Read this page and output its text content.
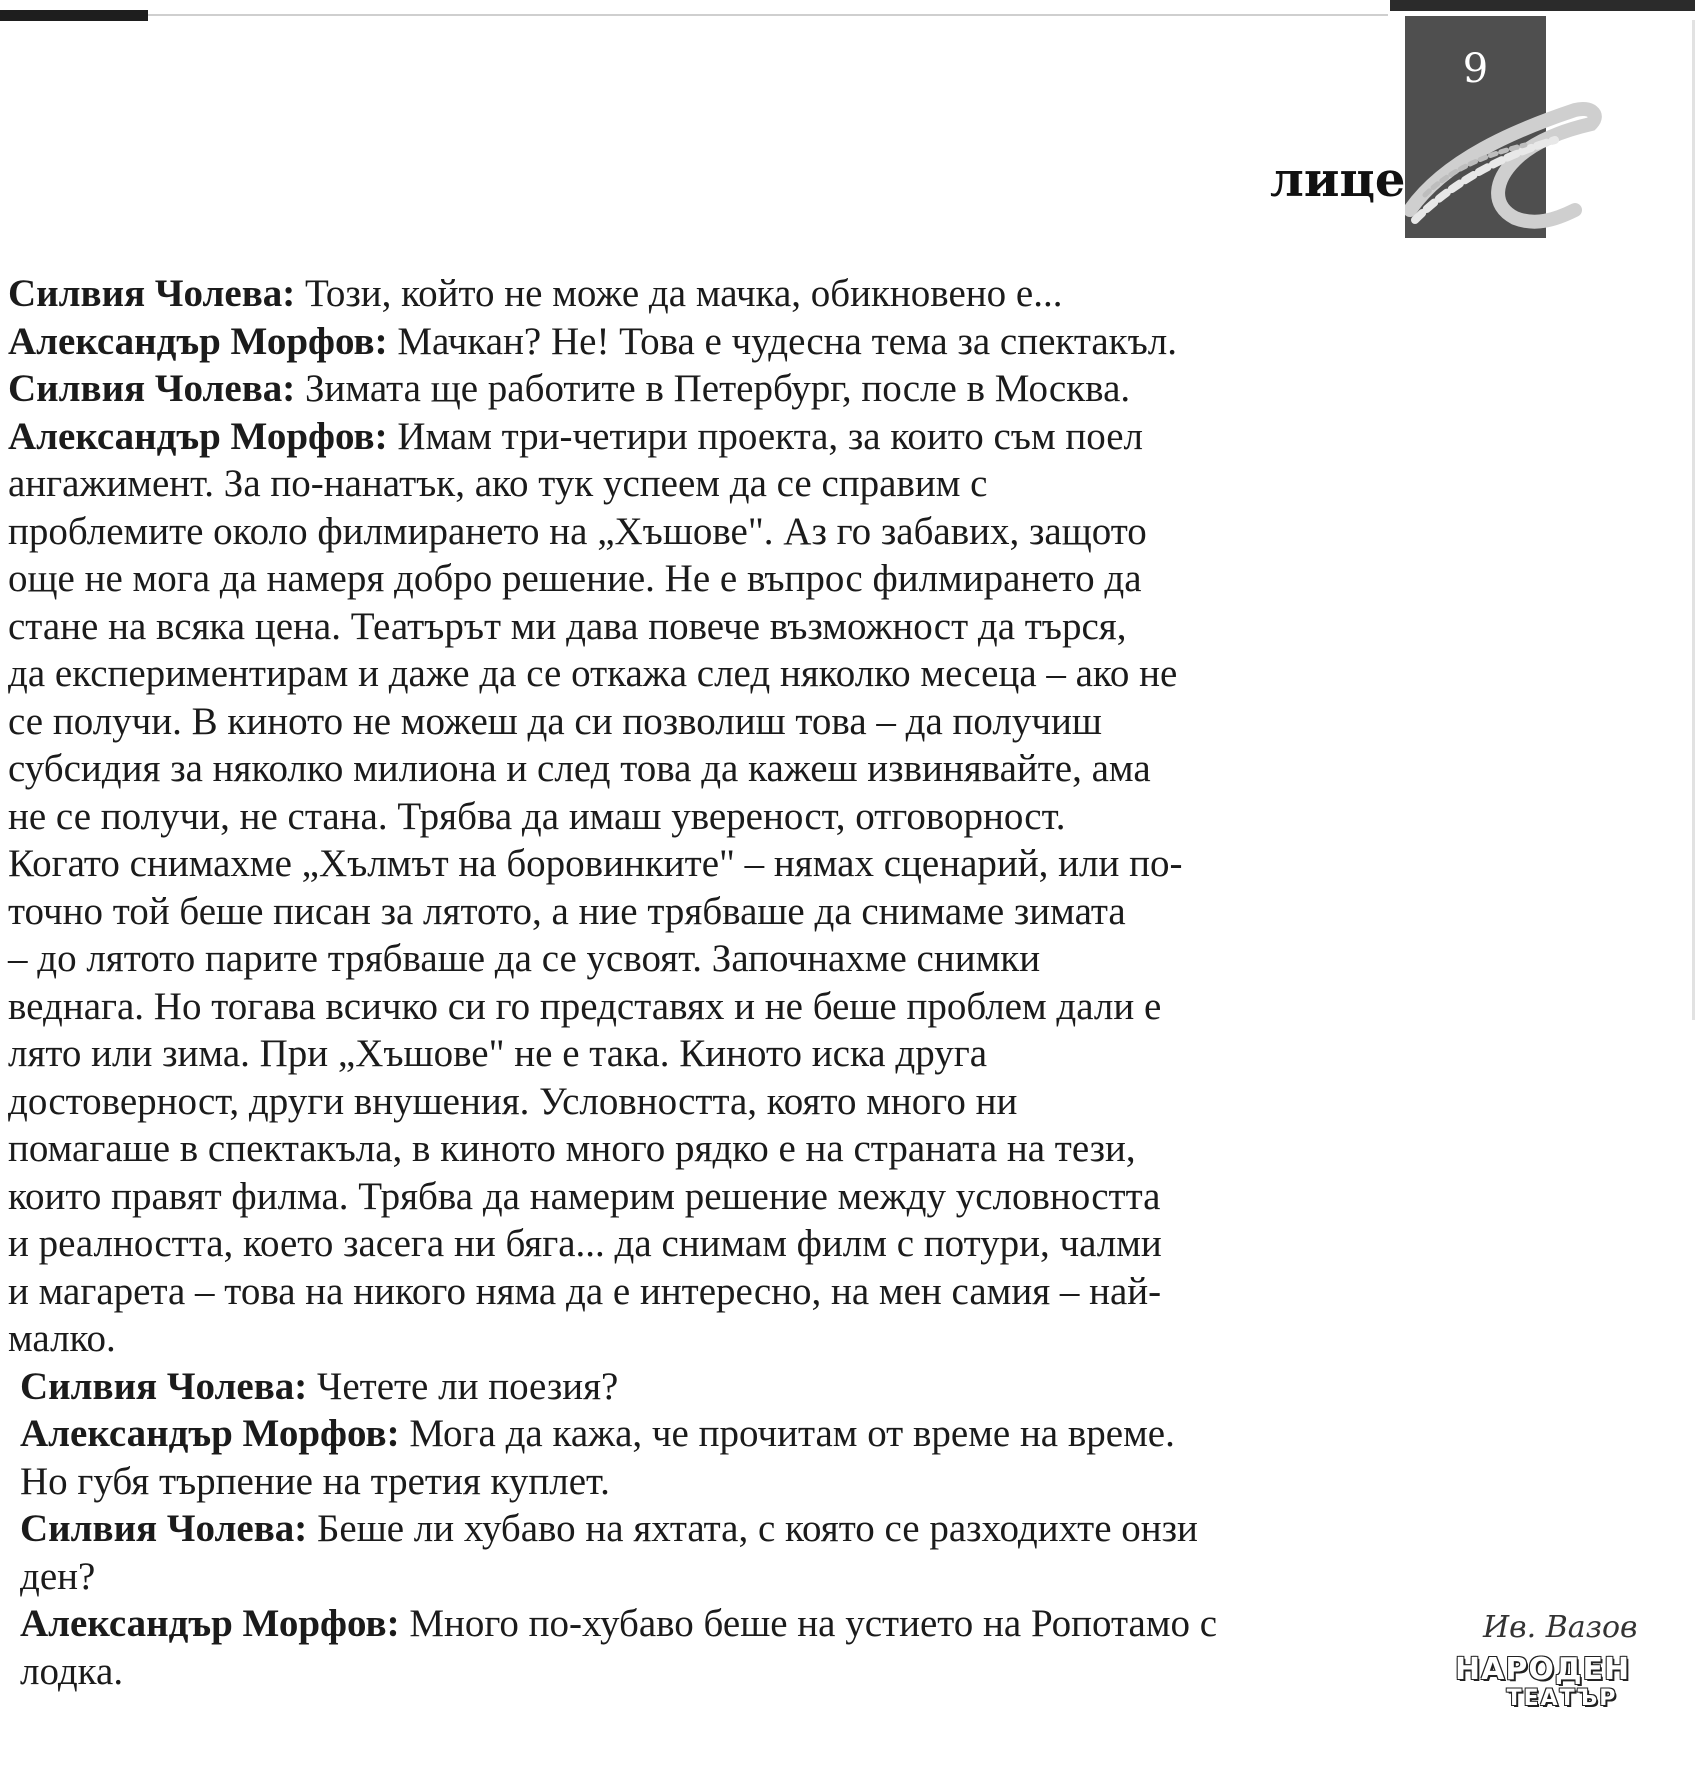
9
лице
Силвия Чолева: Този, който не може да мачка, обикновено е...
Александър Морфов: Мачкан? Не! Това е чудесна тема за спектакъл.
Силвия Чолева: Зимата ще работите в Петербург, после в Москва.
Александър Морфов: Имам три-четири проекта, за които съм поел
ангажимент. За по-нанатък, ако тук успеем да се справим с
проблемите около филмирането на „Хъшове". Аз го забавих, защото
още не мога да намеря добро решение. Не е въпрос филмирането да
стане на всяка цена. Театърът ми дава повече възможност да търся,
да експериментирам и даже да се откажа след няколко месеца – ако не
се получи. В киното не можеш да си позволиш това – да получиш
субсидия за няколко милиона и след това да кажеш извинявайте, ама
не се получи, не стана. Трябва да имаш увереност, отговорност.
Когато снимахме „Хълмът на боровинките" – нямах сценарий, или по-
точно той беше писан за лятото, а ние трябваше да снимаме зимата
– до лятото парите трябваше да се усвоят. Започнахме снимки
веднага. Но тогава всичко си го представях и не беше проблем дали е
лято или зима. При „Хъшове" не е така. Киното иска друга
достоверност, други внушения. Условността, която много ни
помагаше в спектакъла, в киното много рядко е на страната на тези,
които правят филма. Трябва да намерим решение между условността
и реалността, което засега ни бяга... да снимам филм с потури, чалми
и магарета – това на никого няма да е интересно, на мен самия – най-
малко.
Силвия Чолева: Четете ли поезия?
Александър Морфов: Мога да кажа, че прочитам от време на време.
Но губя търпение на третия куплет.
Силвия Чолева: Беше ли хубаво на яхтата, с която се разходихте онзи
ден?
Александър Морфов: Много по-хубаво беше на устието на Ропотамо с
лодка.
Ив. Вазов
НАРОДЕН
ТЕАТЪР
